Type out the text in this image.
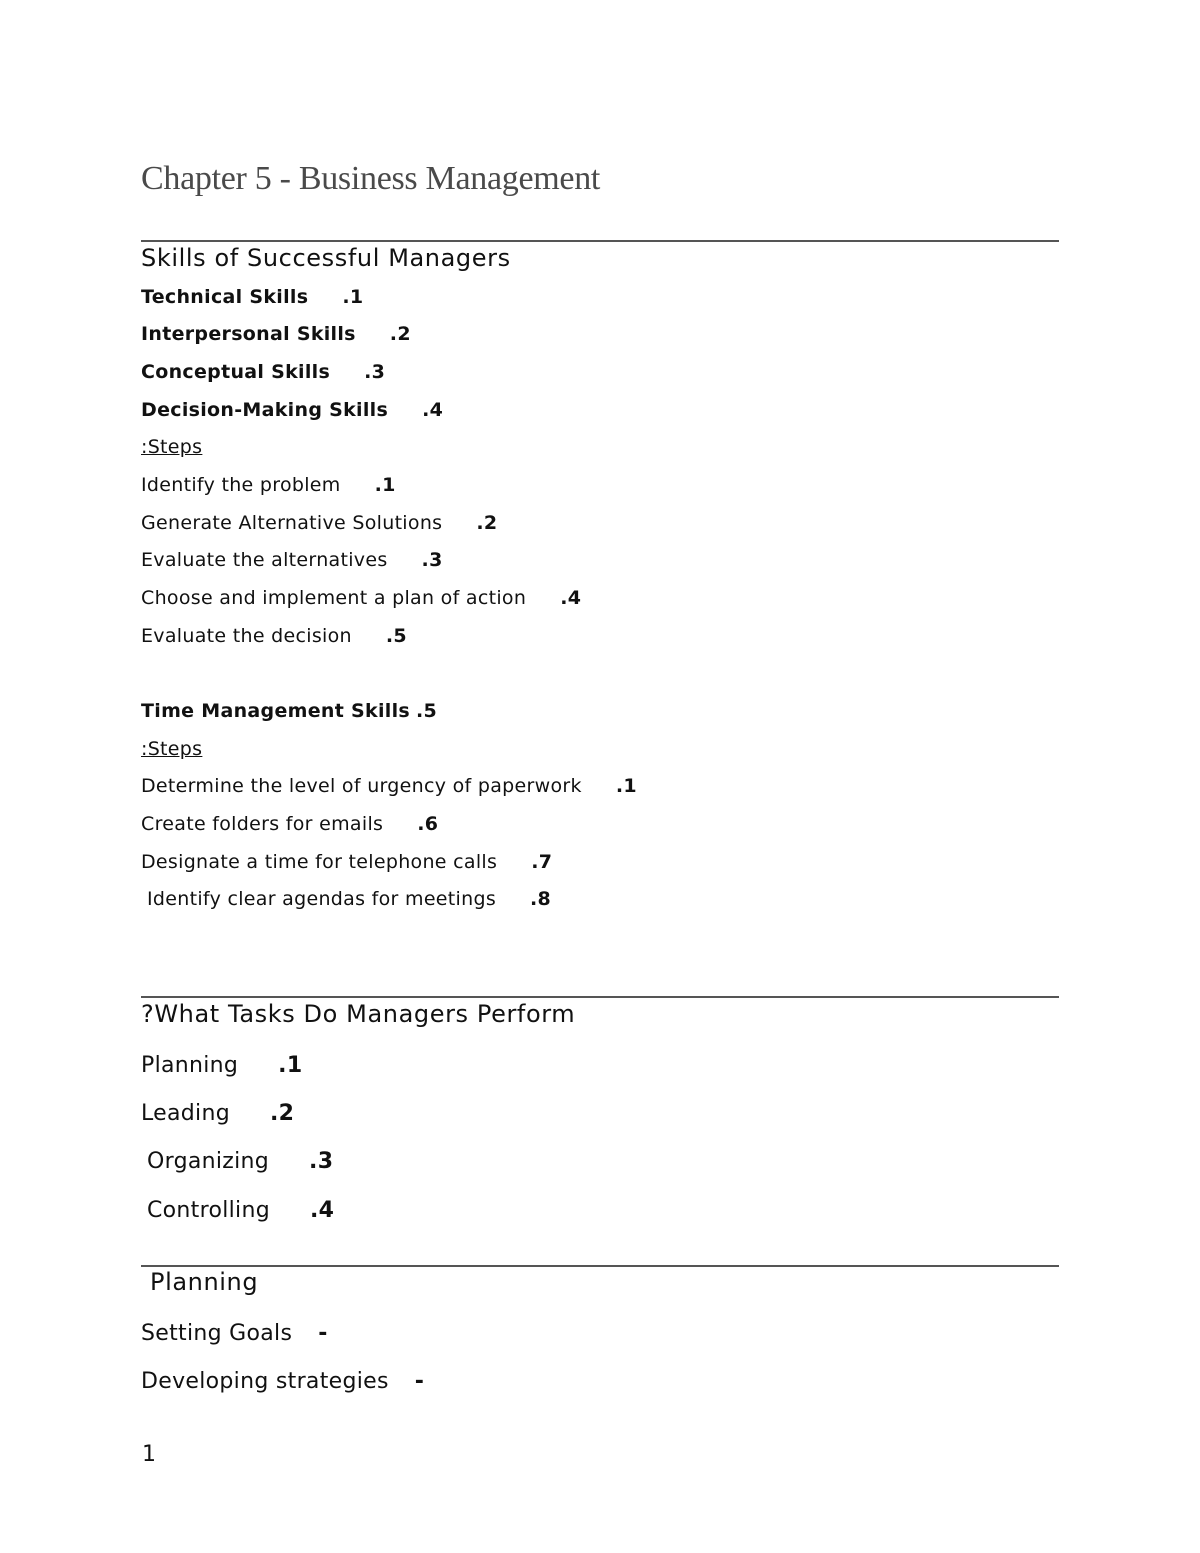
Chapter 5 - Business Management
Skills of Successful Managers
Technical Skills .1
Interpersonal Skills .2
Conceptual Skills .3
Decision-Making Skills .4
:Steps
Identify the problem .1
Generate Alternative Solutions .2
Evaluate the alternatives .3
Choose and implement a plan of action .4
Evaluate the decision .5
Time Management Skills .5
:Steps
Determine the level of urgency of paperwork .1
Create folders for emails .6
Designate a time for telephone calls .7
Identify clear agendas for meetings .8
?What Tasks Do Managers Perform
Planning .1
Leading .2
Organizing .3
Controlling .4
Planning
Setting Goals -
Developing strategies -
1
